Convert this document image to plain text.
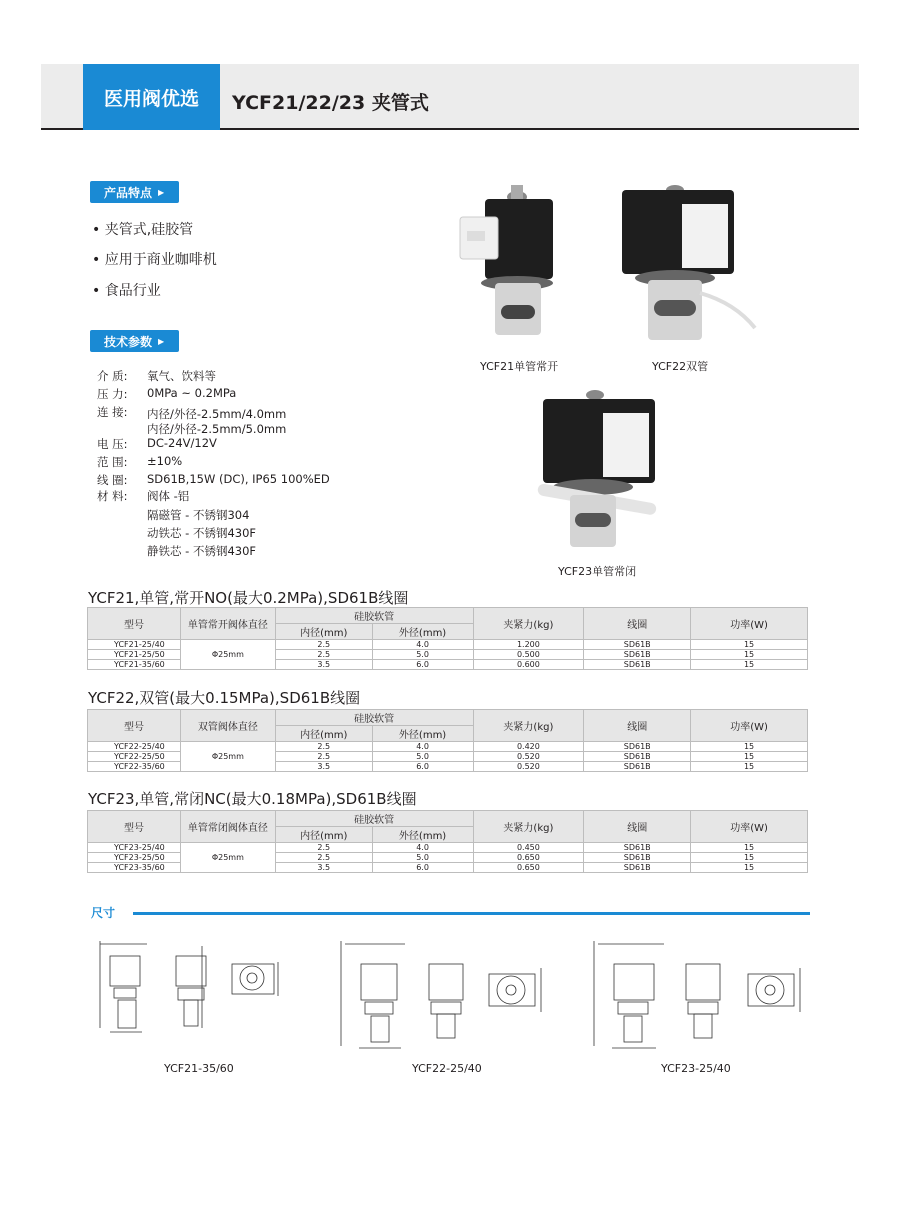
医用阀优选	YCF21/22/23 夹管式
产品特点 ▶
• 夹管式,硅胶管
• 应用于商业咖啡机
• 食品行业
技术参数 ▶
介 质: 氧气、饮料等
压 力: 0MPa ~ 0.2MPa
连 接: 内径/外径-2.5mm/4.0mm
内径/外径-2.5mm/5.0mm
电 压: DC-24V/12V
范 围: ±10%
线 圈: SD61B,15W (DC), IP65 100%ED
材 料: 阀体 -铝
隔磁管 - 不锈钢304
动铁芯 - 不锈钢430F
静铁芯 - 不锈钢430F
YCF21单管常开	YCF22双管
YCF23单管常闭
YCF21,单管,常开NO(最大0.2MPa),SD61B线圈
型号	单管常开阀体直径	硅胶软管		夹紧力(kg)	线圈	功率(W)
		内径(mm)	外径(mm)			
YCF21-25/40	Φ25mm	2.5	4.0	1.200	SD61B	15
YCF21-25/50		2.5	5.0	0.500	SD61B	15
YCF21-35/60		3.5	6.0	0.600	SD61B	15
YCF22,双管(最大0.15MPa),SD61B线圈
型号	双管阀体直径	硅胶软管		夹紧力(kg)	线圈	功率(W)
		内径(mm)	外径(mm)			
YCF22-25/40	Φ25mm	2.5	4.0	0.420	SD61B	15
YCF22-25/50		2.5	5.0	0.520	SD61B	15
YCF22-35/60		3.5	6.0	0.520	SD61B	15
YCF23,单管,常闭NC(最大0.18MPa),SD61B线圈
型号	单管常闭阀体直径	硅胶软管		夹紧力(kg)	线圈	功率(W)
		内径(mm)	外径(mm)			
YCF23-25/40	Φ25mm	2.5	4.0	0.450	SD61B	15
YCF23-25/50		2.5	5.0	0.650	SD61B	15
YCF23-35/60		3.5	6.0	0.650	SD61B	15
尺寸
YCF21-35/60	YCF22-25/40	YCF23-25/40
